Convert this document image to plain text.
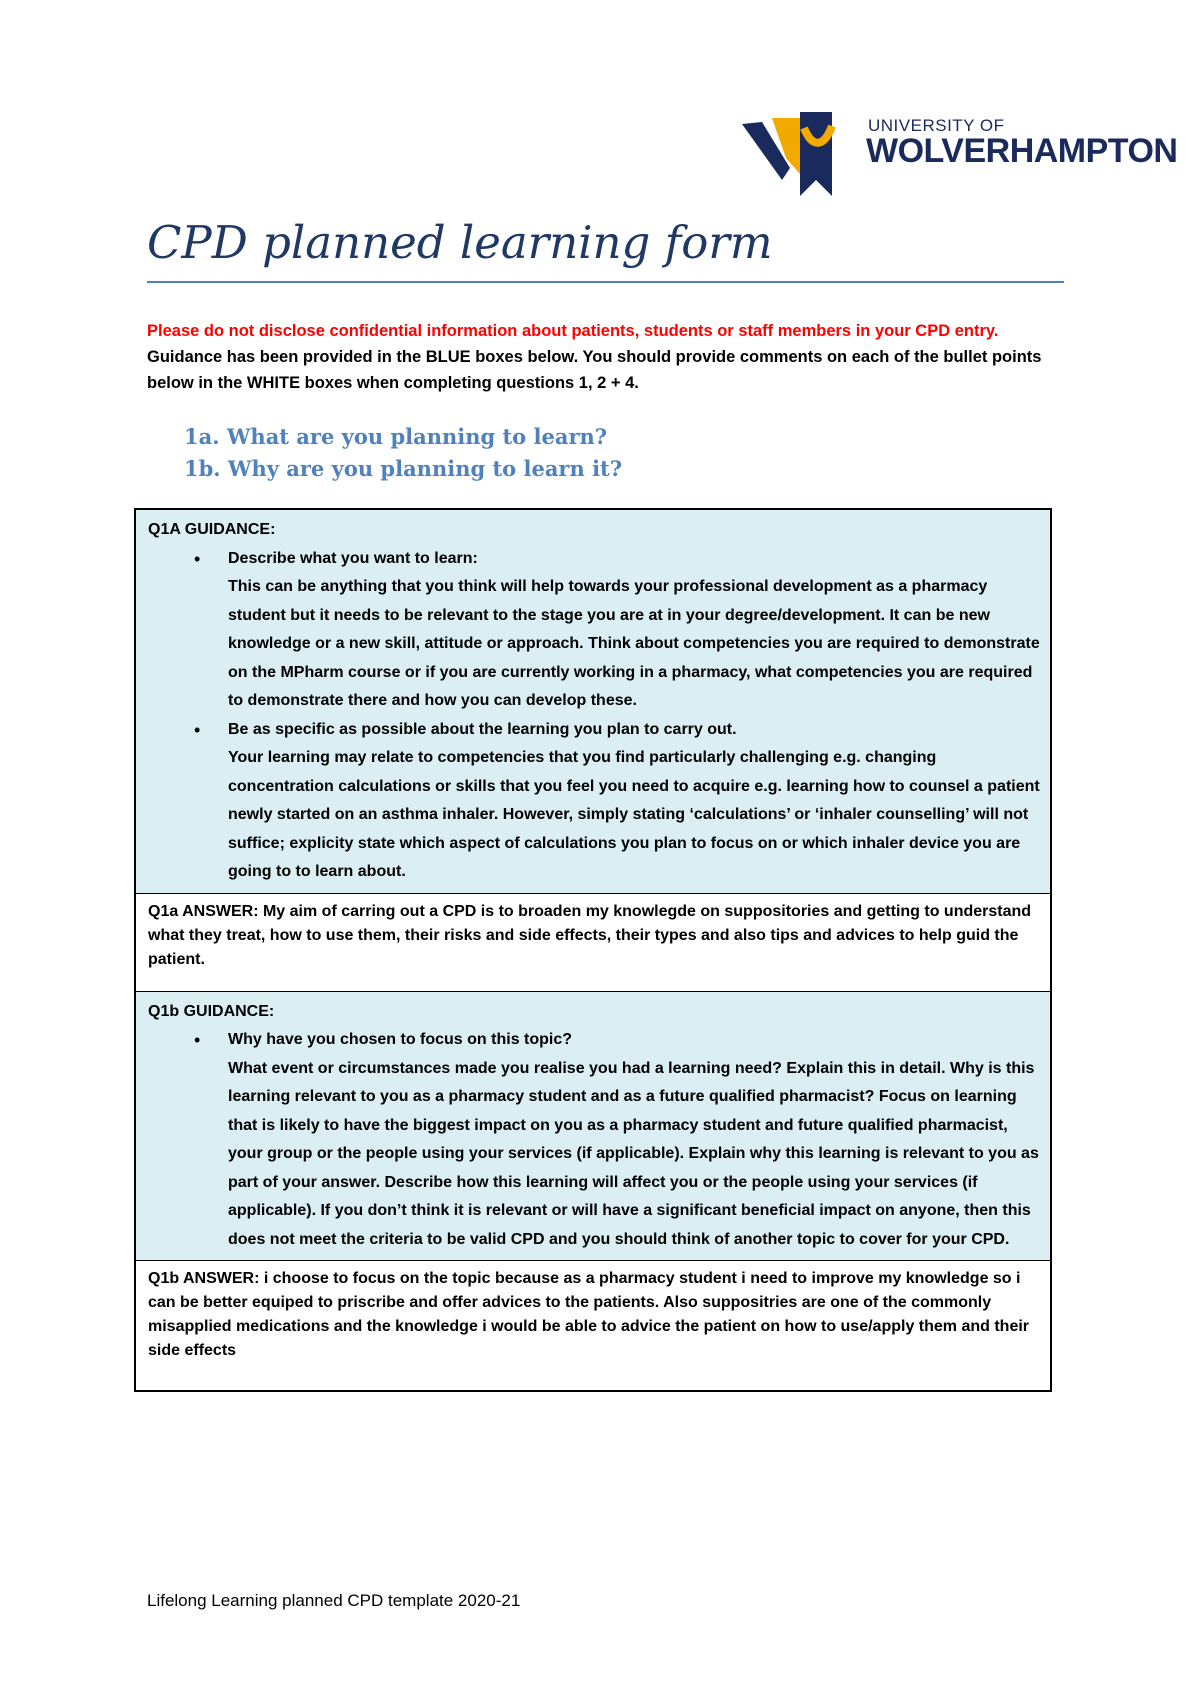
UNIVERSITY OF
WOLVERHAMPTON
CPD planned learning form

Please do not disclose confidential information about patients, students or staff members in your CPD entry.

Guidance has been provided in the BLUE boxes below. You should provide comments on each of the bullet points below in the WHITE boxes when completing questions 1, 2 + 4.

1a. What are you planning to learn?
1b. Why are you planning to learn it?
Q1A GUIDANCE:
• Describe what you want to learn:
This can be anything that you think will help towards your professional development as a pharmacy student but it needs to be relevant to the stage you are at in your degree/development. It can be new knowledge or a new skill, attitude or approach. Think about competencies you are required to demonstrate on the MPharm course or if you are currently working in a pharmacy, what competencies you are required to demonstrate there and how you can develop these.
• Be as specific as possible about the learning you plan to carry out.
Your learning may relate to competencies that you find particularly challenging e.g. changing concentration calculations or skills that you feel you need to acquire e.g. learning how to counsel a patient newly started on an asthma inhaler. However, simply stating ‘calculations’ or ‘inhaler counselling’ will not suffice; explicity state which aspect of calculations you plan to focus on or which inhaler device you are going to to learn about.
Q1a ANSWER: My aim of carring out a CPD is to broaden my knowlegde on suppositories and getting to understand what they treat, how to use them, their risks and side effects, their types and also tips and advices to help guid the patient.
Q1b GUIDANCE:
• Why have you chosen to focus on this topic?
What event or circumstances made you realise you had a learning need? Explain this in detail. Why is this learning relevant to you as a pharmacy student and as a future qualified pharmacist? Focus on learning that is likely to have the biggest impact on you as a pharmacy student and future qualified pharmacist, your group or the people using your services (if applicable). Explain why this learning is relevant to you as part of your answer. Describe how this learning will affect you or the people using your services (if applicable). If you don’t think it is relevant or will have a significant beneficial impact on anyone, then this does not meet the criteria to be valid CPD and you should think of another topic to cover for your CPD.
Q1b ANSWER: i choose to focus on the topic because as a pharmacy student i need to improve my knowledge so i can be better equiped to priscribe and offer advices to the patients. Also suppositries are one of the commonly misapplied medications and the knowledge i would be able to advice the patient on how to use/apply them and their side effects
Lifelong Learning planned CPD template 2020-21
